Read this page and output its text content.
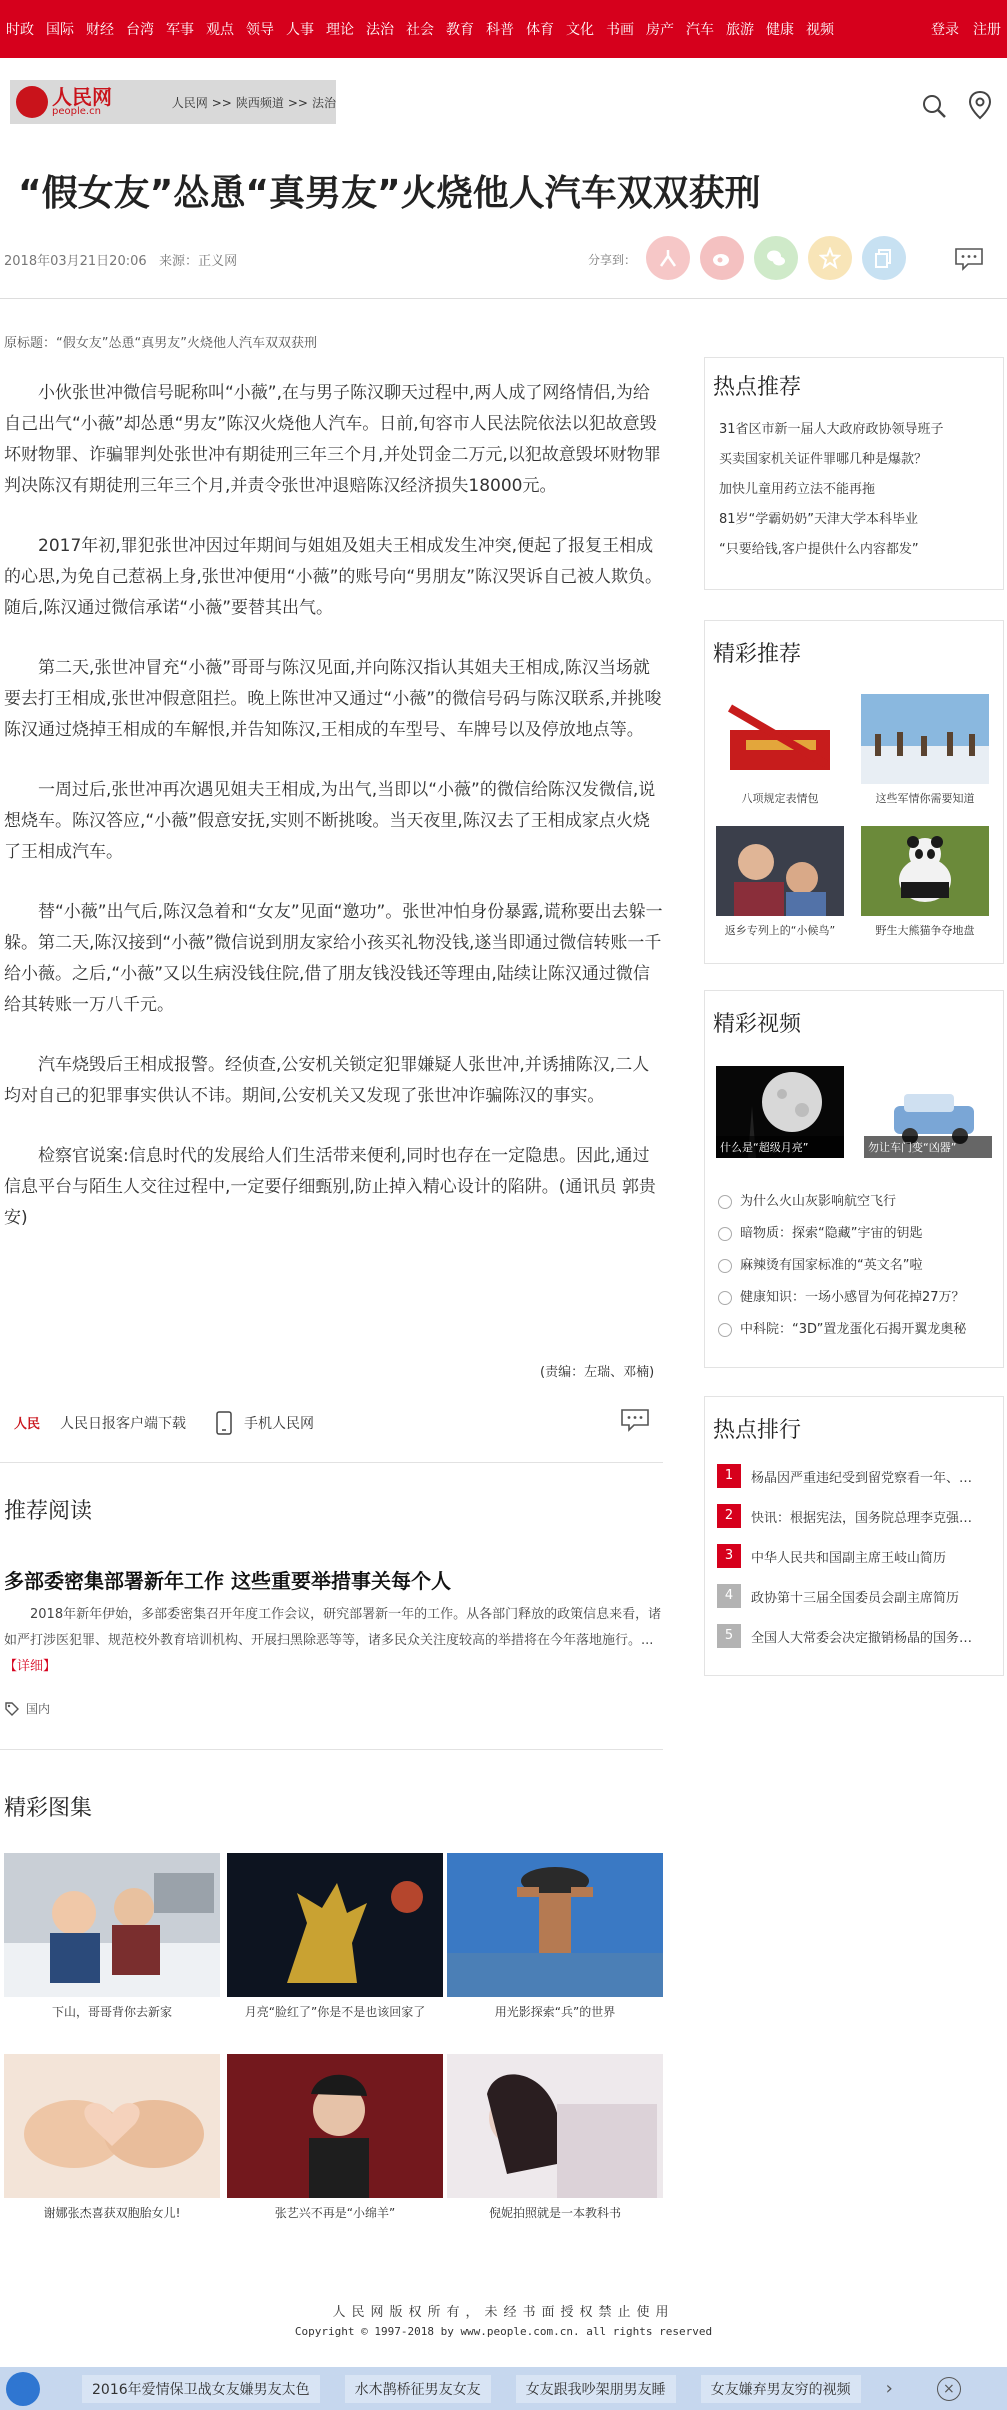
时政 国际 财经 台湾 军事 观点 领导 人事 理论 法治 社会 教育 科普 体育 文化 书画 房产 汽车 旅游 健康 视频	登录 注册
人民网
people.cn
人民网 >> 陕西频道 >> 法治
“假女友”怂恿“真男友”火烧他人汽车双双获刑
2018年03月21日20:06 来源：正义网	分享到：
原标题：“假女友”怂恿“真男友”火烧他人汽车双双获刑

小伙张世冲微信号昵称叫“小薇”,在与男子陈汉聊天过程中,两人成了网络情侣,为给自己出气“小薇”却怂恿“男友”陈汉火烧他人汽车。日前,旬容市人民法院依法以犯故意毁坏财物罪、诈骗罪判处张世冲有期徒刑三年三个月,并处罚金二万元,以犯故意毁坏财物罪判决陈汉有期徒刑三年三个月,并责令张世冲退赔陈汉经济损失18000元。

2017年初,罪犯张世冲因过年期间与姐姐及姐夫王相成发生冲突,便起了报复王相成的心思,为免自己惹祸上身,张世冲便用“小薇”的账号向“男朋友”陈汉哭诉自己被人欺负。随后,陈汉通过微信承诺“小薇”要替其出气。

第二天,张世冲冒充“小薇”哥哥与陈汉见面,并向陈汉指认其姐夫王相成,陈汉当场就要去打王相成,张世冲假意阻拦。晚上陈世冲又通过“小薇”的微信号码与陈汉联系,并挑唆陈汉通过烧掉王相成的车解恨,并告知陈汉,王相成的车型号、车牌号以及停放地点等。

一周过后,张世冲再次遇见姐夫王相成,为出气,当即以“小薇”的微信给陈汉发微信,说想烧车。陈汉答应,“小薇”假意安抚,实则不断挑唆。当天夜里,陈汉去了王相成家点火烧了王相成汽车。

替“小薇”出气后,陈汉急着和“女友”见面“邀功”。张世冲怕身份暴露,谎称要出去躲一躲。第二天,陈汉接到“小薇”微信说到朋友家给小孩买礼物没钱,遂当即通过微信转账一千给小薇。之后,“小薇”又以生病没钱住院,借了朋友钱没钱还等理由,陆续让陈汉通过微信给其转账一万八千元。

汽车烧毁后王相成报警。经侦查,公安机关锁定犯罪嫌疑人张世冲,并诱捕陈汉,二人均对自己的犯罪事实供认不讳。期间,公安机关又发现了张世冲诈骗陈汉的事实。

检察官说案:信息时代的发展给人们生活带来便利,同时也存在一定隐患。因此,通过信息平台与陌生人交往过程中,一定要仔细甄别,防止掉入精心设计的陷阱。(通讯员 郭贵安)

(责编：左瑞、邓楠)
人民 人民日报客户端下载	手机人民网
推荐阅读
多部委密集部署新年工作 这些重要举措事关每个人
2018年新年伊始，多部委密集召开年度工作会议，研究部署新一年的工作。从各部门释放的政策信息来看，诸如严打涉医犯罪、规范校外教育培训机构、开展扫黑除恶等等，诸多民众关注度较高的举措将在今年落地施行。...【详细】
国内
精彩图集
下山，哥哥背你去新家	月亮“脸红了”你是不是也该回家了	用光影探索“兵”的世界
谢娜张杰喜获双胞胎女儿!	张艺兴不再是“小绵羊”	倪妮拍照就是一本教科书
热点推荐
31省区市新一届人大政府政协领导班子
买卖国家机关证件罪哪几种是爆款？
加快儿童用药立法不能再拖
81岁“学霸奶奶”天津大学本科毕业
“只要给钱,客户提供什么内容都发”
精彩推荐
八项规定表情包	这些军情你需要知道
返乡专列上的“小候鸟”	野生大熊猫争夺地盘
精彩视频
什么是“超级月亮”	勿让车门变“凶器”
为什么火山灰影响航空飞行
暗物质：探索“隐藏”宇宙的钥匙
麻辣烫有国家标准的“英文名”啦
健康知识：一场小感冒为何花掉27万？
中科院：“3D”置龙蛋化石揭开翼龙奥秘
热点排行
1	杨晶因严重违纪受到留党察看一年、…
2	快讯：根据宪法，国务院总理李克强…
3	中华人民共和国副主席王岐山简历
4	政协第十三届全国委员会副主席简历
5	全国人大常委会决定撤销杨晶的国务…
人民网版权所有，未经书面授权禁止使用
Copyright © 1997-2018 by www.people.com.cn. all rights reserved
2016年爱情保卫战女友嫌男友太色	水木鹊桥征男友女友	女友跟我吵架朋男友睡	女友嫌弃男友穷的视频	›	×
